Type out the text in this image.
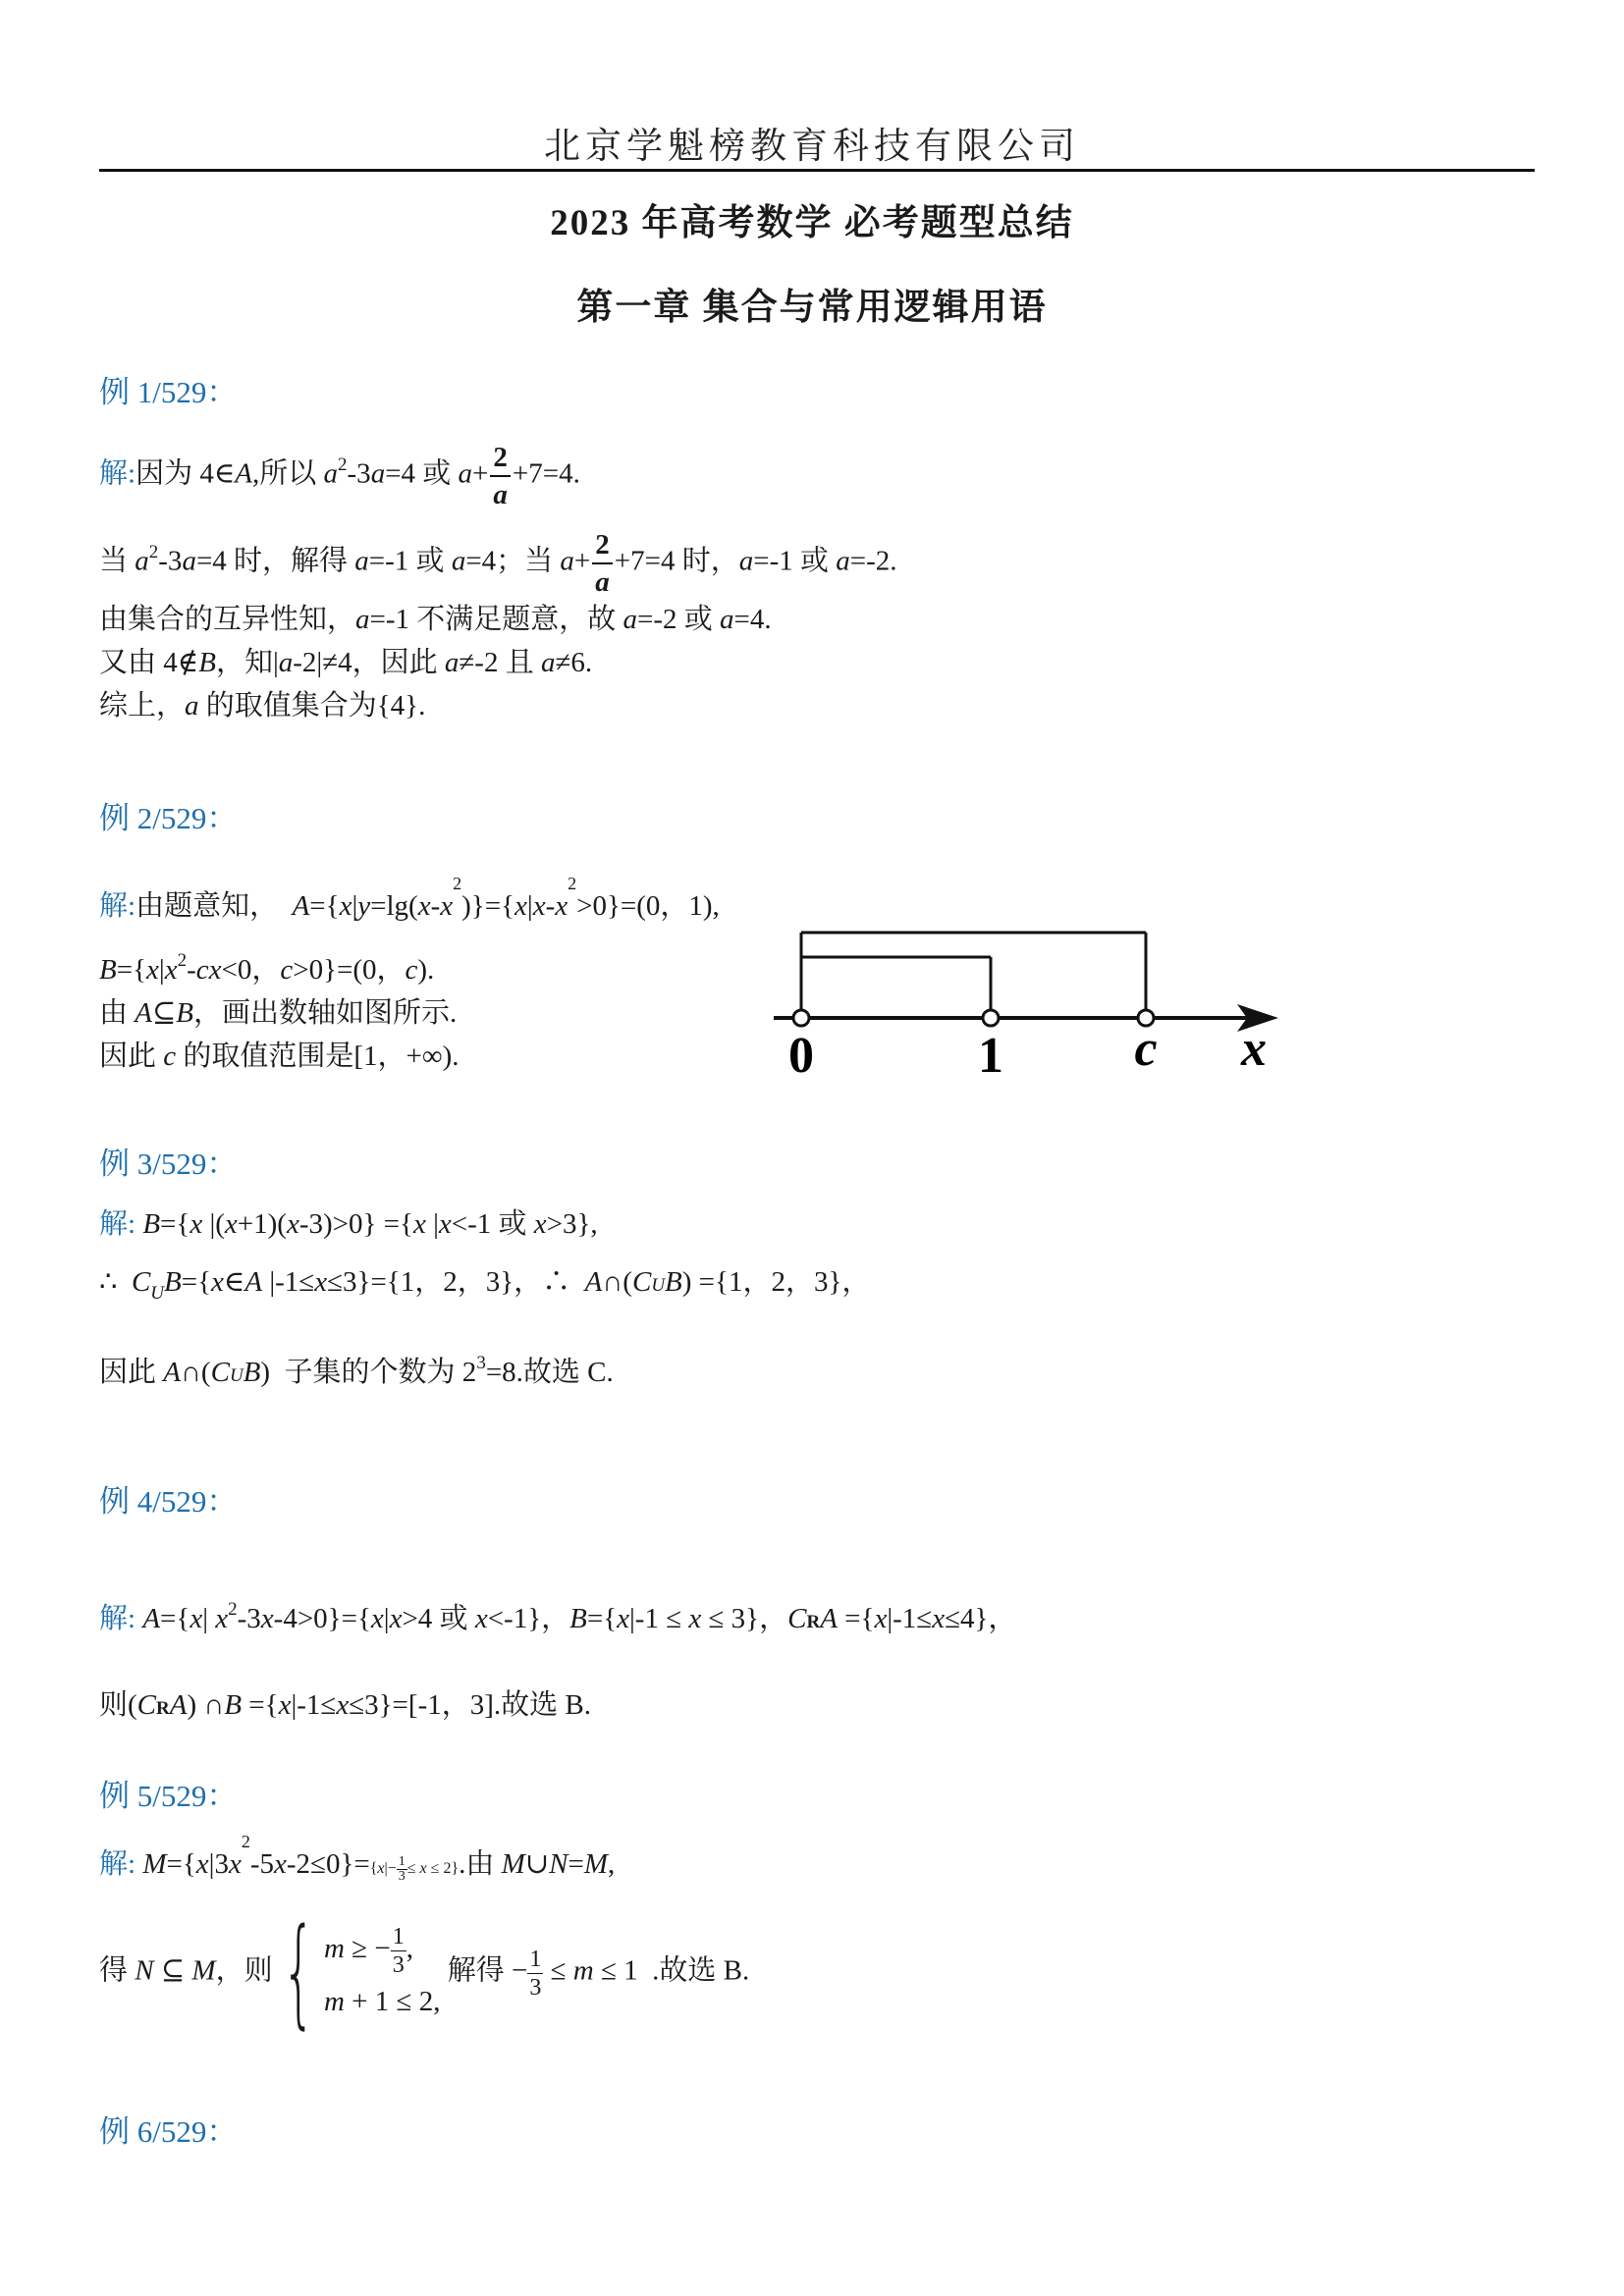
北京学魁榜教育科技有限公司
2023 年高考数学 必考题型总结
第一章 集合与常用逻辑用语
例 1/529：
解:因为 4∈A,所以 $a^2-3a=4$ 或 $a+ \frac{2}{a} +7=4$.
当 $a^2-3a=4$ 时，解得 a=-1 或 a=4；当 $a+ \frac{2}{a} +7=4$ 时，a=-1 或 a=-2.
由集合的互异性知，a=-1 不满足题意，故 a=-2 或 a=4.
又由 4∉B，知|a-2|≠4，因此 a≠-2 且 a≠6.
综上，a 的取值集合为{4}.
例 2/529：
解:由题意知，  $A=\{x|y=\lg(x-x^2)\}=\{x|x-x^2>0\}=(0$，1),
$B=\{x|x^2-cx<0$，c>0}=(0，c).
由 A⊆B，画出数轴如图所示.
因此 c 的取值范围是[1，+∞).	0	1	c x
例 3/529：
解: B={x |(x+1)(x-3)>0} ={x |x<-1 或 x>3},
∴  $C_UB=\{x\in A$ |-1≤x≤3}={1，2，3}，∴  A∩(CUB) ={1，2，3}，
因此 A∩(CUB)  子集的个数为 $2^3=8$.故选 C.
例 4/529：
解: A={x| $x^2-3x-4>0\}=\{x|x>4$ 或 x<-1}，B={x|-1 ≤ x ≤ 3}，CRA ={x|-1≤x≤4}，
则(CRA) ∩B ={x|-1≤x≤3}=[-1，3].故选 B.
例 5/529：
解: $M=\{x|3x^2-5x-2\le 0\}=\{x|- \frac{1}{3} \le x \le 2\}$.由 M∪N=M,
得 N ⊆ M，则{ m ≥ − $\frac{1}{3}$ ,
m + 1 ≤ 2,
解得 − $\frac{1}{3} \le m \le 1$  .故选 B.
例 6/529：
